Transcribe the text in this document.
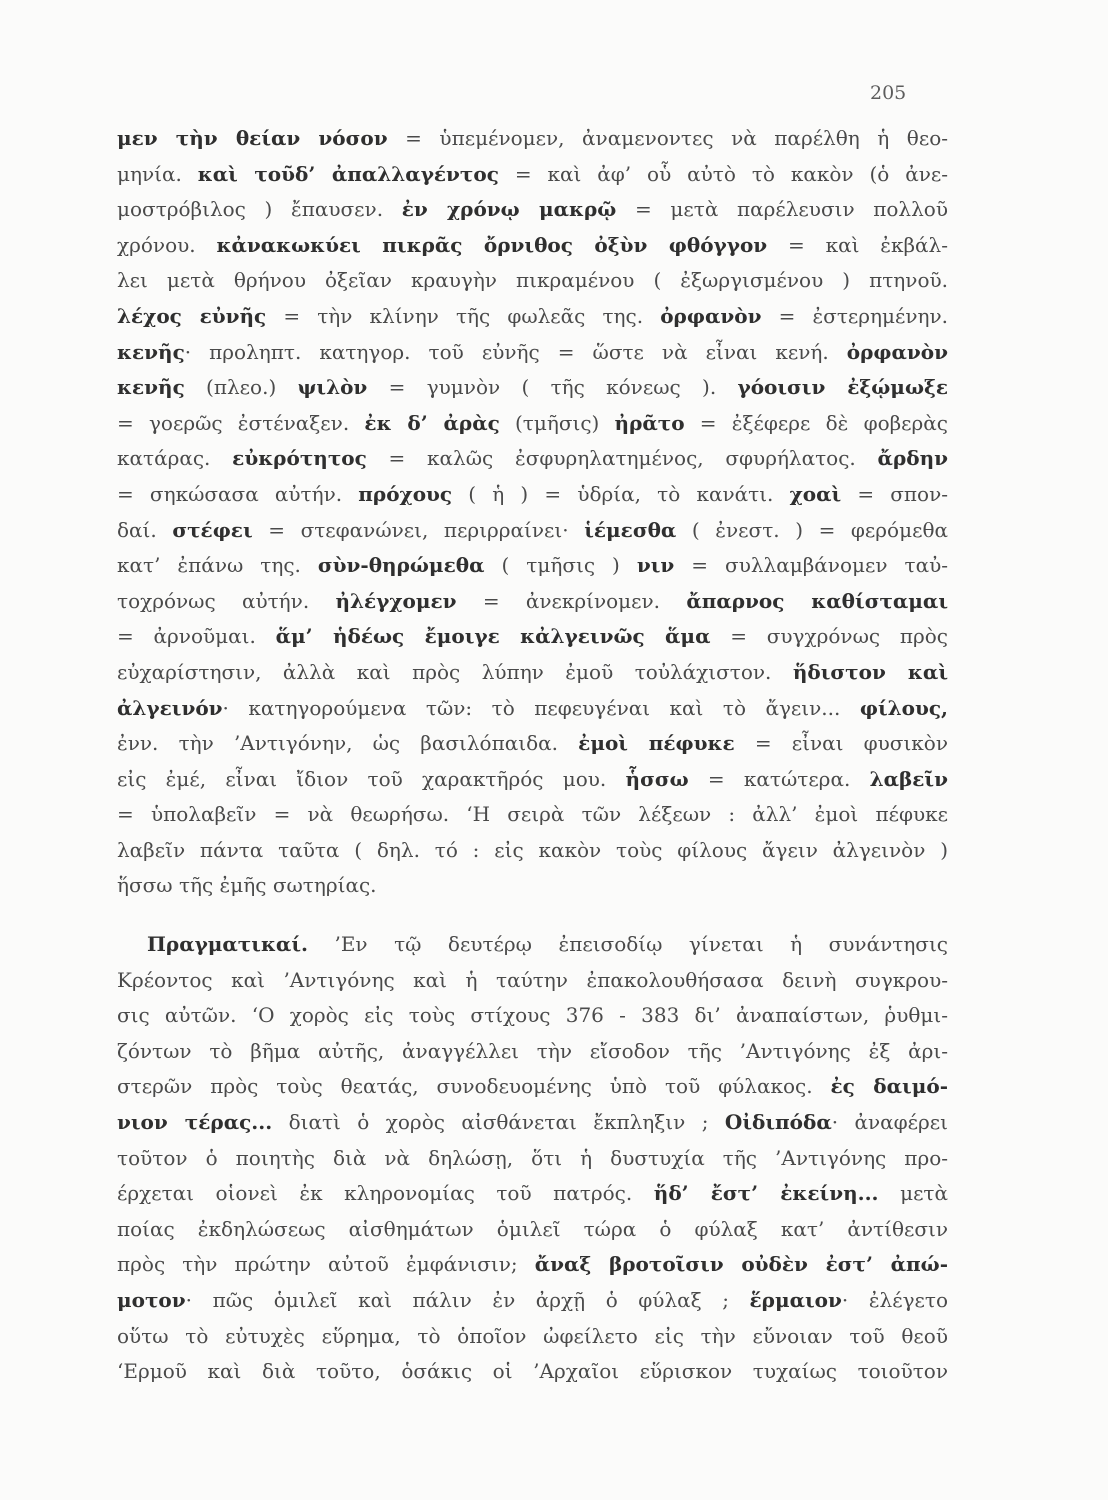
205
μεν τὴν θείαν νόσον = ὑπεμένομεν, ἀναμενοντες νὰ παρέλθη ἡ θεο-
μηνία. καὶ τοῦδ’ ἀπαλλαγέντος = καὶ ἀφ’ οὗ αὐτὸ τὸ κακὸν (ὁ ἀνε-
μοστρόβιλος ) ἔπαυσεν. ἐν χρόνῳ μακρῷ = μετὰ παρέλευσιν πολλοῦ
χρόνου. κἀνακωκύει πικρᾶς ὄρνιθος ὀξὺν φθόγγον = καὶ ἐκβάλ-
λει μετὰ θρήνου ὀξεῖαν κραυγὴν πικραμένου ( ἐξωργισμένου ) πτηνοῦ.
λέχος εὐνῆς = τὴν κλίνην τῆς φωλεᾶς της. ὀρφανὸν = ἐστερημένην.
κενῆς· προληπτ. κατηγορ. τοῦ εὐνῆς = ὥστε νὰ εἶναι κενή. ὀρφανὸν
κενῆς (πλεο.) ψιλὸν = γυμνὸν ( τῆς κόνεως ). γόοισιν ἐξῴμωξε
= γοερῶς ἐστέναξεν. ἐκ δ’ ἀρὰς (τμῆσις) ἠρᾶτο = ἐξέφερε δὲ φοβερὰς
κατάρας. εὐκρότητος = καλῶς ἐσφυρηλατημένος, σφυρήλατος. ἄρδην
= σηκώσασα αὐτήν. πρόχους ( ἡ ) = ὑδρία, τὸ κανάτι. χοαὶ = σπον-
δαί. στέφει = στεφανώνει, περιρραίνει· ἱέμεσθα ( ἐνεστ. ) = φερόμεθα
κατ’ ἐπάνω της. σὺν-θηρώμεθα ( τμῆσις ) νιν = συλλαμβάνομεν ταὐ-
τοχρόνως αὐτήν. ἠλέγχομεν = ἀνεκρίνομεν. ἄπαρνος καθίσταμαι
= ἀρνοῦμαι. ἅμ’ ἡδέως ἔμοιγε κἀλγεινῶς ἅμα = συγχρόνως πρὸς
εὐχαρίστησιν, ἀλλὰ καὶ πρὸς λύπην ἐμοῦ τοὐλάχιστον. ἥδιστον καὶ
ἀλγεινόν· κατηγορούμενα τῶν: τὸ πεφευγέναι καὶ τὸ ἄγειν... φίλους,
ἐνν. τὴν ’Αντιγόνην, ὡς βασιλόπαιδα. ἐμοὶ πέφυκε = εἶναι φυσικὸν
εἰς ἐμέ, εἶναι ἴδιον τοῦ χαρακτῆρός μου. ἧσσω = κατώτερα. λαβεῖν
= ὑπολαβεῖν = νὰ θεωρήσω. ‘Η σειρὰ τῶν λέξεων : ἀλλ’ ἐμοὶ πέφυκε
λαβεῖν πάντα ταῦτα ( δηλ. τό : εἰς κακὸν τοὺς φίλους ἄγειν ἀλγεινὸν )
ἥσσω τῆς ἐμῆς σωτηρίας.
Πραγματικαί. ’Εν τῷ δευτέρῳ ἐπεισοδίῳ γίνεται ἡ συνάντησις
Κρέοντος καὶ ’Αντιγόνης καὶ ἡ ταύτην ἐπακολουθήσασα δεινὴ συγκρου-
σις αὐτῶν. ‘Ο χορὸς εἰς τοὺς στίχους 376 - 383 δι’ ἀναπαίστων, ῥυθμι-
ζόντων τὸ βῆμα αὐτῆς, ἀναγγέλλει τὴν εἴσοδον τῆς ’Αντιγόνης ἐξ ἀρι-
στερῶν πρὸς τοὺς θεατάς, συνοδευομένης ὑπὸ τοῦ φύλακος. ἐς δαιμό-
νιον τέρας... διατὶ ὁ χορὸς αἰσθάνεται ἔκπληξιν ; Οἰδιπόδα· ἀναφέρει
τοῦτον ὁ ποιητὴς διὰ νὰ δηλώσῃ, ὅτι ἡ δυστυχία τῆς ’Αντιγόνης προ-
έρχεται οἱονεὶ ἐκ κληρονομίας τοῦ πατρός. ἥδ’ ἔστ’ ἐκείνη... μετὰ
ποίας ἐκδηλώσεως αἰσθημάτων ὁμιλεῖ τώρα ὁ φύλαξ κατ’ ἀντίθεσιν
πρὸς τὴν πρώτην αὐτοῦ ἐμφάνισιν; ἄναξ βροτοῖσιν οὐδὲν ἐστ’ ἀπώ-
μοτον· πῶς ὁμιλεῖ καὶ πάλιν ἐν ἀρχῇ ὁ φύλαξ ; ἕρμαιον· ἐλέγετο
οὕτω τὸ εὐτυχὲς εὕρημα, τὸ ὁποῖον ὠφείλετο εἰς τὴν εὔνοιαν τοῦ θεοῦ
‘Ερμοῦ καὶ διὰ τοῦτο, ὁσάκις οἱ ’Αρχαῖοι εὕρισκον τυχαίως τοιοῦτον
